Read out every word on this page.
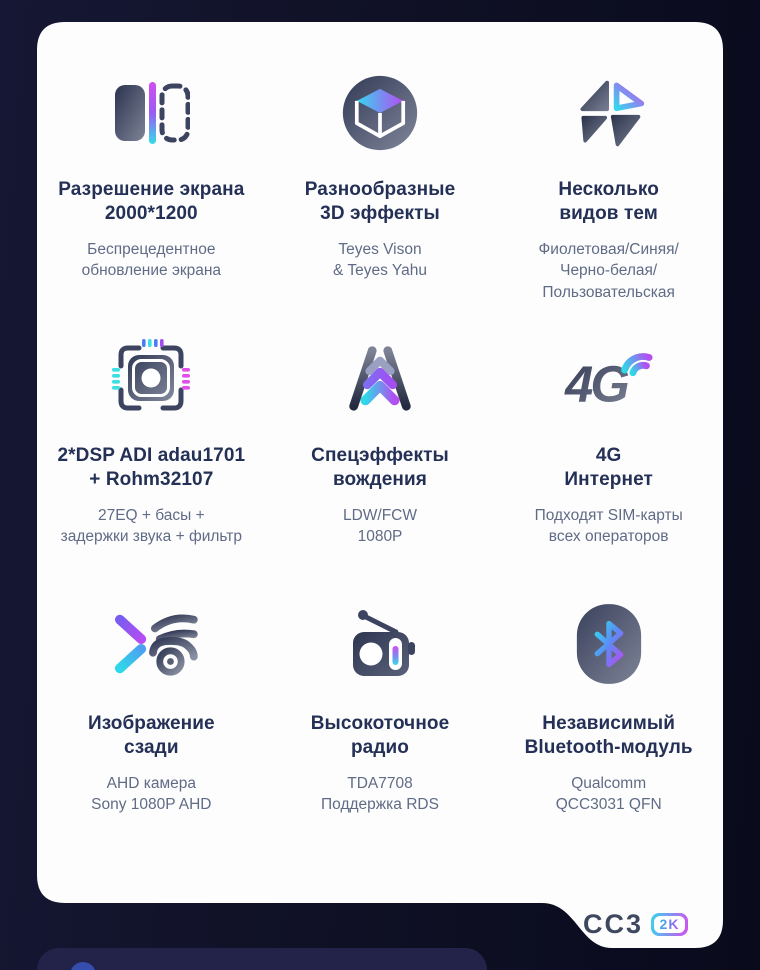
Разрешение экрана
2000*1200
Беспрецедентное
обновление экрана
Разнообразные
3D эффекты
Teyes Vison
& Teyes Yahu
Несколько
видов тем
Фиолетовая/Синяя/
Черно-белая/
Пользовательская
2*DSP ADI adau1701
+ Rohm32107
27EQ + басы +
задержки звука + фильтр
Спецэффекты
вождения
LDW/FCW
1080P
4G
4G
Интернет
Подходят SIM-карты
всех операторов
Изображение
сзади
AHD камера
Sony 1080P AHD
Высокоточное
радио
TDA7708
Поддержка RDS
Независимый
Bluetooth-модуль
Qualcomm
QCC3031 QFN
CC3 2K
